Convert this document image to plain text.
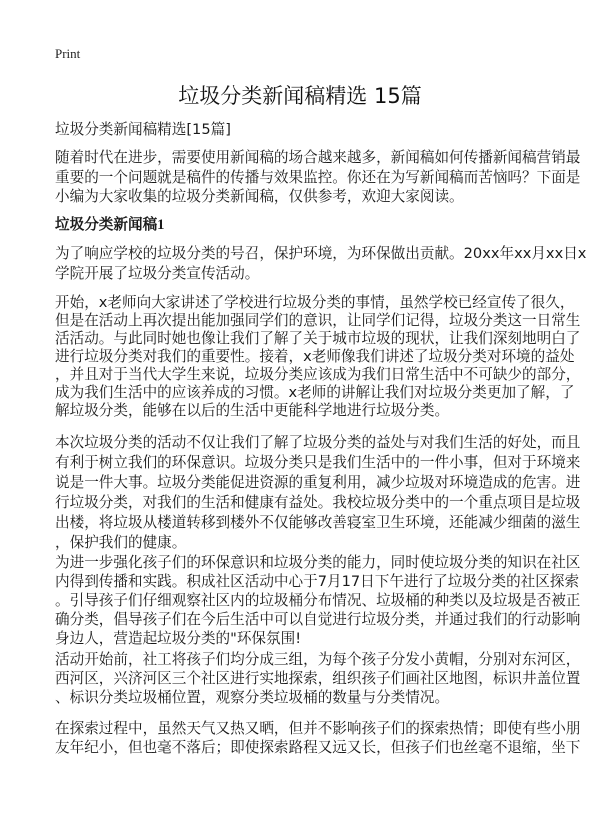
Print
垃圾分类新闻稿精选 15篇
垃圾分类新闻稿精选[15篇]
随着时代在进步，需要使用新闻稿的场合越来越多，新闻稿如何传播新闻稿营销最
重要的一个问题就是稿件的传播与效果监控。你还在为写新闻稿而苦恼吗？下面是
小编为大家收集的垃圾分类新闻稿，仅供参考，欢迎大家阅读。
垃圾分类新闻稿1
为了响应学校的垃圾分类的号召，保护环境，为环保做出贡献。20xx年xx月xx日x
学院开展了垃圾分类宣传活动。
开始，x老师向大家讲述了学校进行垃圾分类的事情，虽然学校已经宣传了很久，
但是在活动上再次提出能加强同学们的意识，让同学们记得，垃圾分类这一日常生
活活动。与此同时她也像让我们了解了关于城市垃圾的现状，让我们深刻地明白了
进行垃圾分类对我们的重要性。接着，x老师像我们讲述了垃圾分类对环境的益处
，并且对于当代大学生来说，垃圾分类应该成为我们日常生活中不可缺少的部分，
成为我们生活中的应该养成的习惯。x老师的讲解让我们对垃圾分类更加了解，了
解垃圾分类，能够在以后的生活中更能科学地进行垃圾分类。
本次垃圾分类的活动不仅让我们了解了垃圾分类的益处与对我们生活的好处，而且
有利于树立我们的环保意识。垃圾分类只是我们生活中的一件小事，但对于环境来
说是一件大事。垃圾分类能促进资源的重复利用，减少垃圾对环境造成的危害。进
行垃圾分类，对我们的生活和健康有益处。我校垃圾分类中的一个重点项目是垃圾
出楼，将垃圾从楼道转移到楼外不仅能够改善寝室卫生环境，还能减少细菌的滋生
，保护我们的健康。
为进一步强化孩子们的环保意识和垃圾分类的能力，同时使垃圾分类的知识在社区
内得到传播和实践。积成社区活动中心于7月17日下午进行了垃圾分类的社区探索
。引导孩子们仔细观察社区内的垃圾桶分布情况、垃圾桶的种类以及垃圾是否被正
确分类，倡导孩子们在今后生活中可以自觉进行垃圾分类，并通过我们的行动影响
身边人，营造起垃圾分类的"环保氛围!
活动开始前，社工将孩子们均分成三组，为每个孩子分发小黄帽，分别对东河区，
西河区，兴济河区三个社区进行实地探索，组织孩子们画社区地图，标识井盖位置
、标识分类垃圾桶位置，观察分类垃圾桶的数量与分类情况。
在探索过程中，虽然天气又热又晒，但并不影响孩子们的探索热情；即使有些小朋
友年纪小，但也毫不落后；即使探索路程又远又长，但孩子们也丝毫不退缩，坐下
